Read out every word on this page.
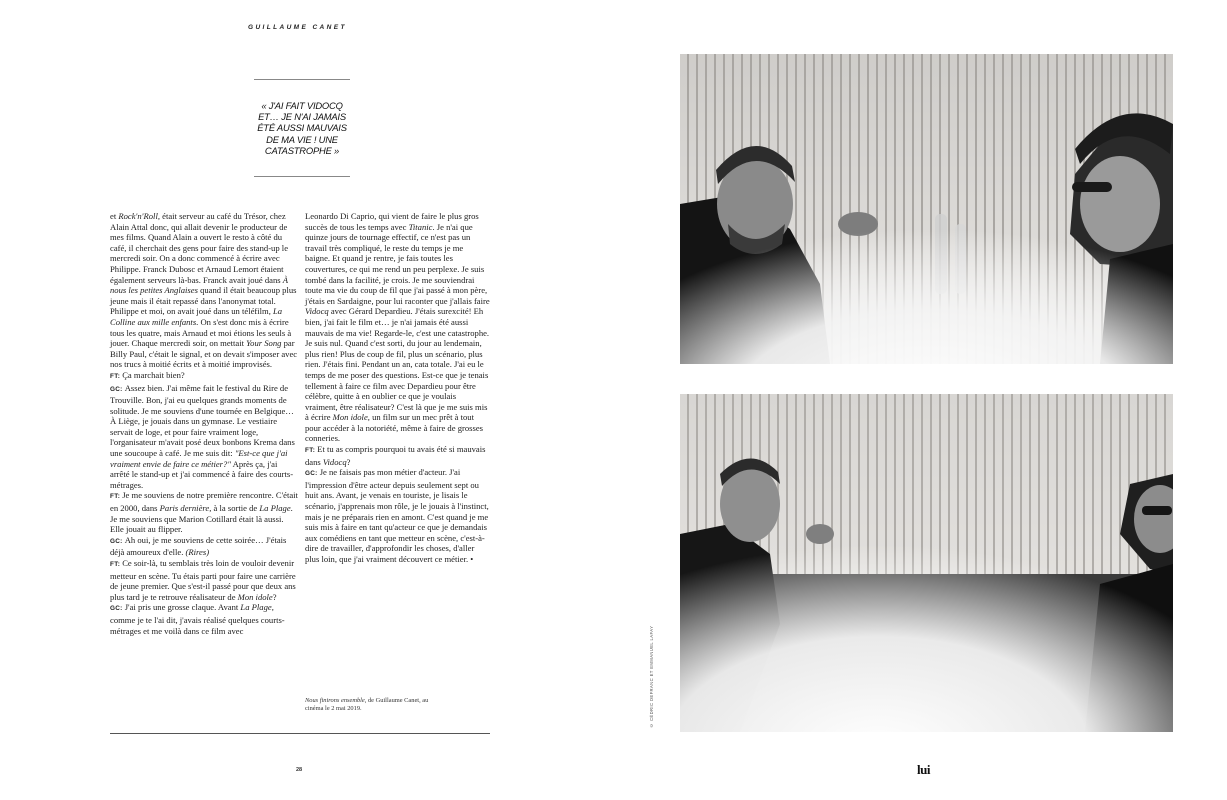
GUILLAUME CANET

« J'AI FAIT VIDOCQ ET… JE N'AI JAMAIS ÉTÉ AUSSI MAUVAIS DE MA VIE ! UNE CATASTROPHE »

et Rock'n'Roll, était serveur au café du Trésor, chez Alain Attal donc, qui allait devenir le producteur de mes films. Quand Alain a ouvert le resto à côté du café, il cherchait des gens pour faire des stand-up le mercredi soir. On a donc commencé à écrire avec Philippe. Franck Dubosc et Arnaud Lemort étaient également serveurs là-bas. Franck avait joué dans À nous les petites Anglaises quand il était beaucoup plus jeune mais il était repassé dans l'anonymat total. Philippe et moi, on avait joué dans un téléfilm, La Colline aux mille enfants. On s'est donc mis à écrire tous les quatre, mais Arnaud et moi étions les seuls à jouer. Chaque mercredi soir, on mettait Your Song par Billy Paul, c'était le signal, et on devait s'imposer avec nos trucs à moitié écrits et à moitié improvisés.

FT: Ça marchait bien?

GC: Assez bien. J'ai même fait le festival du Rire de Trouville. Bon, j'ai eu quelques grands moments de solitude. Je me souviens d'une tournée en Belgique… À Liège, je jouais dans un gymnase. Le vestiaire servait de loge, et pour faire vraiment loge, l'organisateur m'avait posé deux bonbons Krema dans une soucoupe à café. Je me suis dit: "Est-ce que j'ai vraiment envie de faire ce métier?" Après ça, j'ai arrêté le stand-up et j'ai commencé à faire des courts-métrages.

FT: Je me souviens de notre première rencontre. C'était en 2000, dans Paris dernière, à la sortie de La Plage. Je me souviens que Marion Cotillard était là aussi. Elle jouait au flipper.

GC: Ah oui, je me souviens de cette soirée… J'étais déjà amoureux d'elle. (Rires)

FT: Ce soir-là, tu semblais très loin de vouloir devenir metteur en scène. Tu étais parti pour faire une carrière de jeune premier. Que s'est-il passé pour que deux ans plus tard je te retrouve réalisateur de Mon idole?

GC: J'ai pris une grosse claque. Avant La Plage, comme je te l'ai dit, j'avais réalisé quelques courts-métrages et me voilà dans ce film avec

Leonardo Di Caprio, qui vient de faire le plus gros succès de tous les temps avec Titanic. Je n'ai que quinze jours de tournage effectif, ce n'est pas un travail très compliqué, le reste du temps je me baigne. Et quand je rentre, je fais toutes les couvertures, ce qui me rend un peu perplexe. Je suis tombé dans la facilité, je crois. Je me souviendrai toute ma vie du coup de fil que j'ai passé à mon père, j'étais en Sardaigne, pour lui raconter que j'allais faire Vidocq avec Gérard Depardieu. J'étais surexcité! Eh bien, j'ai fait le film et… je n'ai jamais été aussi mauvais de ma vie! Regarde-le, c'est une catastrophe. Je suis nul. Quand c'est sorti, du jour au lendemain, plus rien! Plus de coup de fil, plus un scénario, plus rien. J'étais fini. Pendant un an, cata totale. J'ai eu le temps de me poser des questions. Est-ce que je tenais tellement à faire ce film avec Depardieu pour être célèbre, quitte à en oublier ce que je voulais vraiment, être réalisateur? C'est là que je me suis mis à écrire Mon idole, un film sur un mec prêt à tout pour accéder à la notoriété, même à faire de grosses conneries.

FT: Et tu as compris pourquoi tu avais été si mauvais dans Vidocq?

GC: Je ne faisais pas mon métier d'acteur. J'ai l'impression d'être acteur depuis seulement sept ou huit ans. Avant, je venais en touriste, je lisais le scénario, j'apprenais mon rôle, je le jouais à l'instinct, mais je ne préparais rien en amont. C'est quand je me suis mis à faire en tant qu'acteur ce que je demandais aux comédiens en tant que metteur en scène, c'est-à-dire de travailler, d'approfondir les choses, d'aller plus loin, que j'ai vraiment découvert ce métier. •

Nous finirons ensemble, de Guillaume Canet, au cinéma le 2 mai 2019.
28
© CÉDRIC DEFRANC ET EMMANUEL LAFAY
lui
